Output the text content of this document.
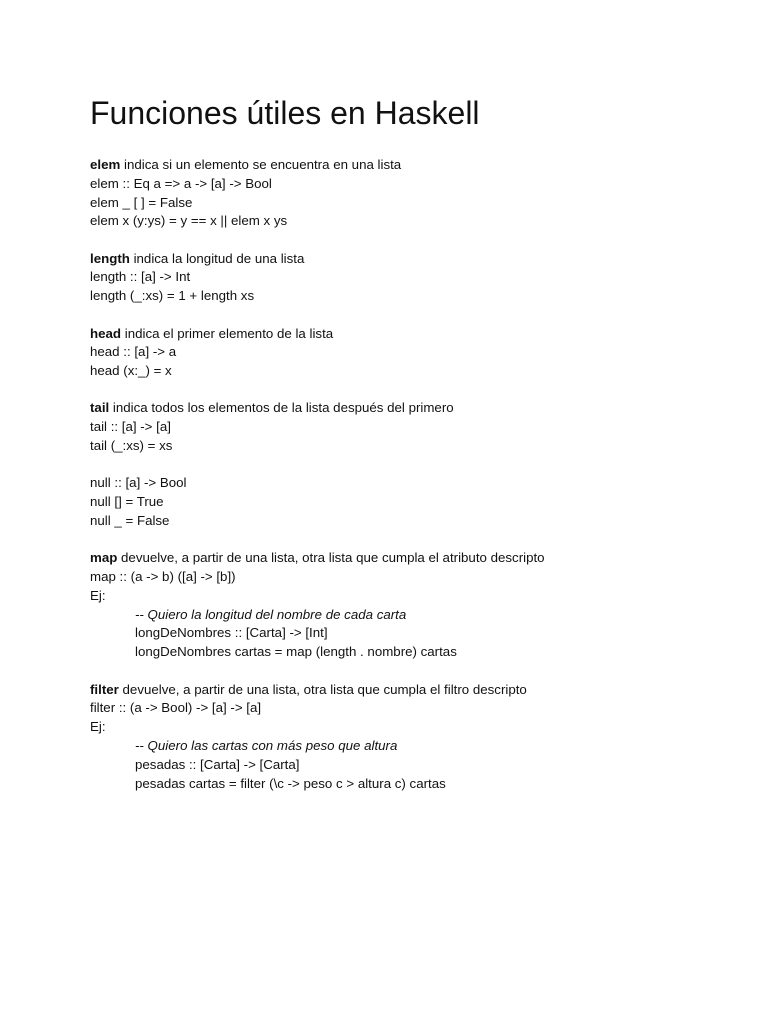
Funciones útiles en Haskell
elem indica si un elemento se encuentra en una lista
elem :: Eq a => a -> [a] -> Bool
elem _ [ ] = False
elem x (y:ys) = y == x || elem x ys
length indica la longitud de una lista
length :: [a] -> Int
length (_:xs) = 1 + length xs
head indica el primer elemento de la lista
head :: [a] -> a
head (x:_) = x
tail indica todos los elementos de la lista después del primero
tail :: [a] -> [a]
tail (_:xs) = xs
null :: [a] -> Bool
null [] = True
null _ = False
map devuelve, a partir de una lista, otra lista que cumpla el atributo descripto
map :: (a -> b) ([a] -> [b])
Ej:
-- Quiero la longitud del nombre de cada carta
longDeNombres :: [Carta] -> [Int]
longDeNombres cartas = map (length . nombre) cartas
filter devuelve, a partir de una lista, otra lista que cumpla el filtro descripto
filter :: (a -> Bool) -> [a] -> [a]
Ej:
-- Quiero las cartas con más peso que altura
pesadas :: [Carta] -> [Carta]
pesadas cartas = filter (\c -> peso c > altura c) cartas
